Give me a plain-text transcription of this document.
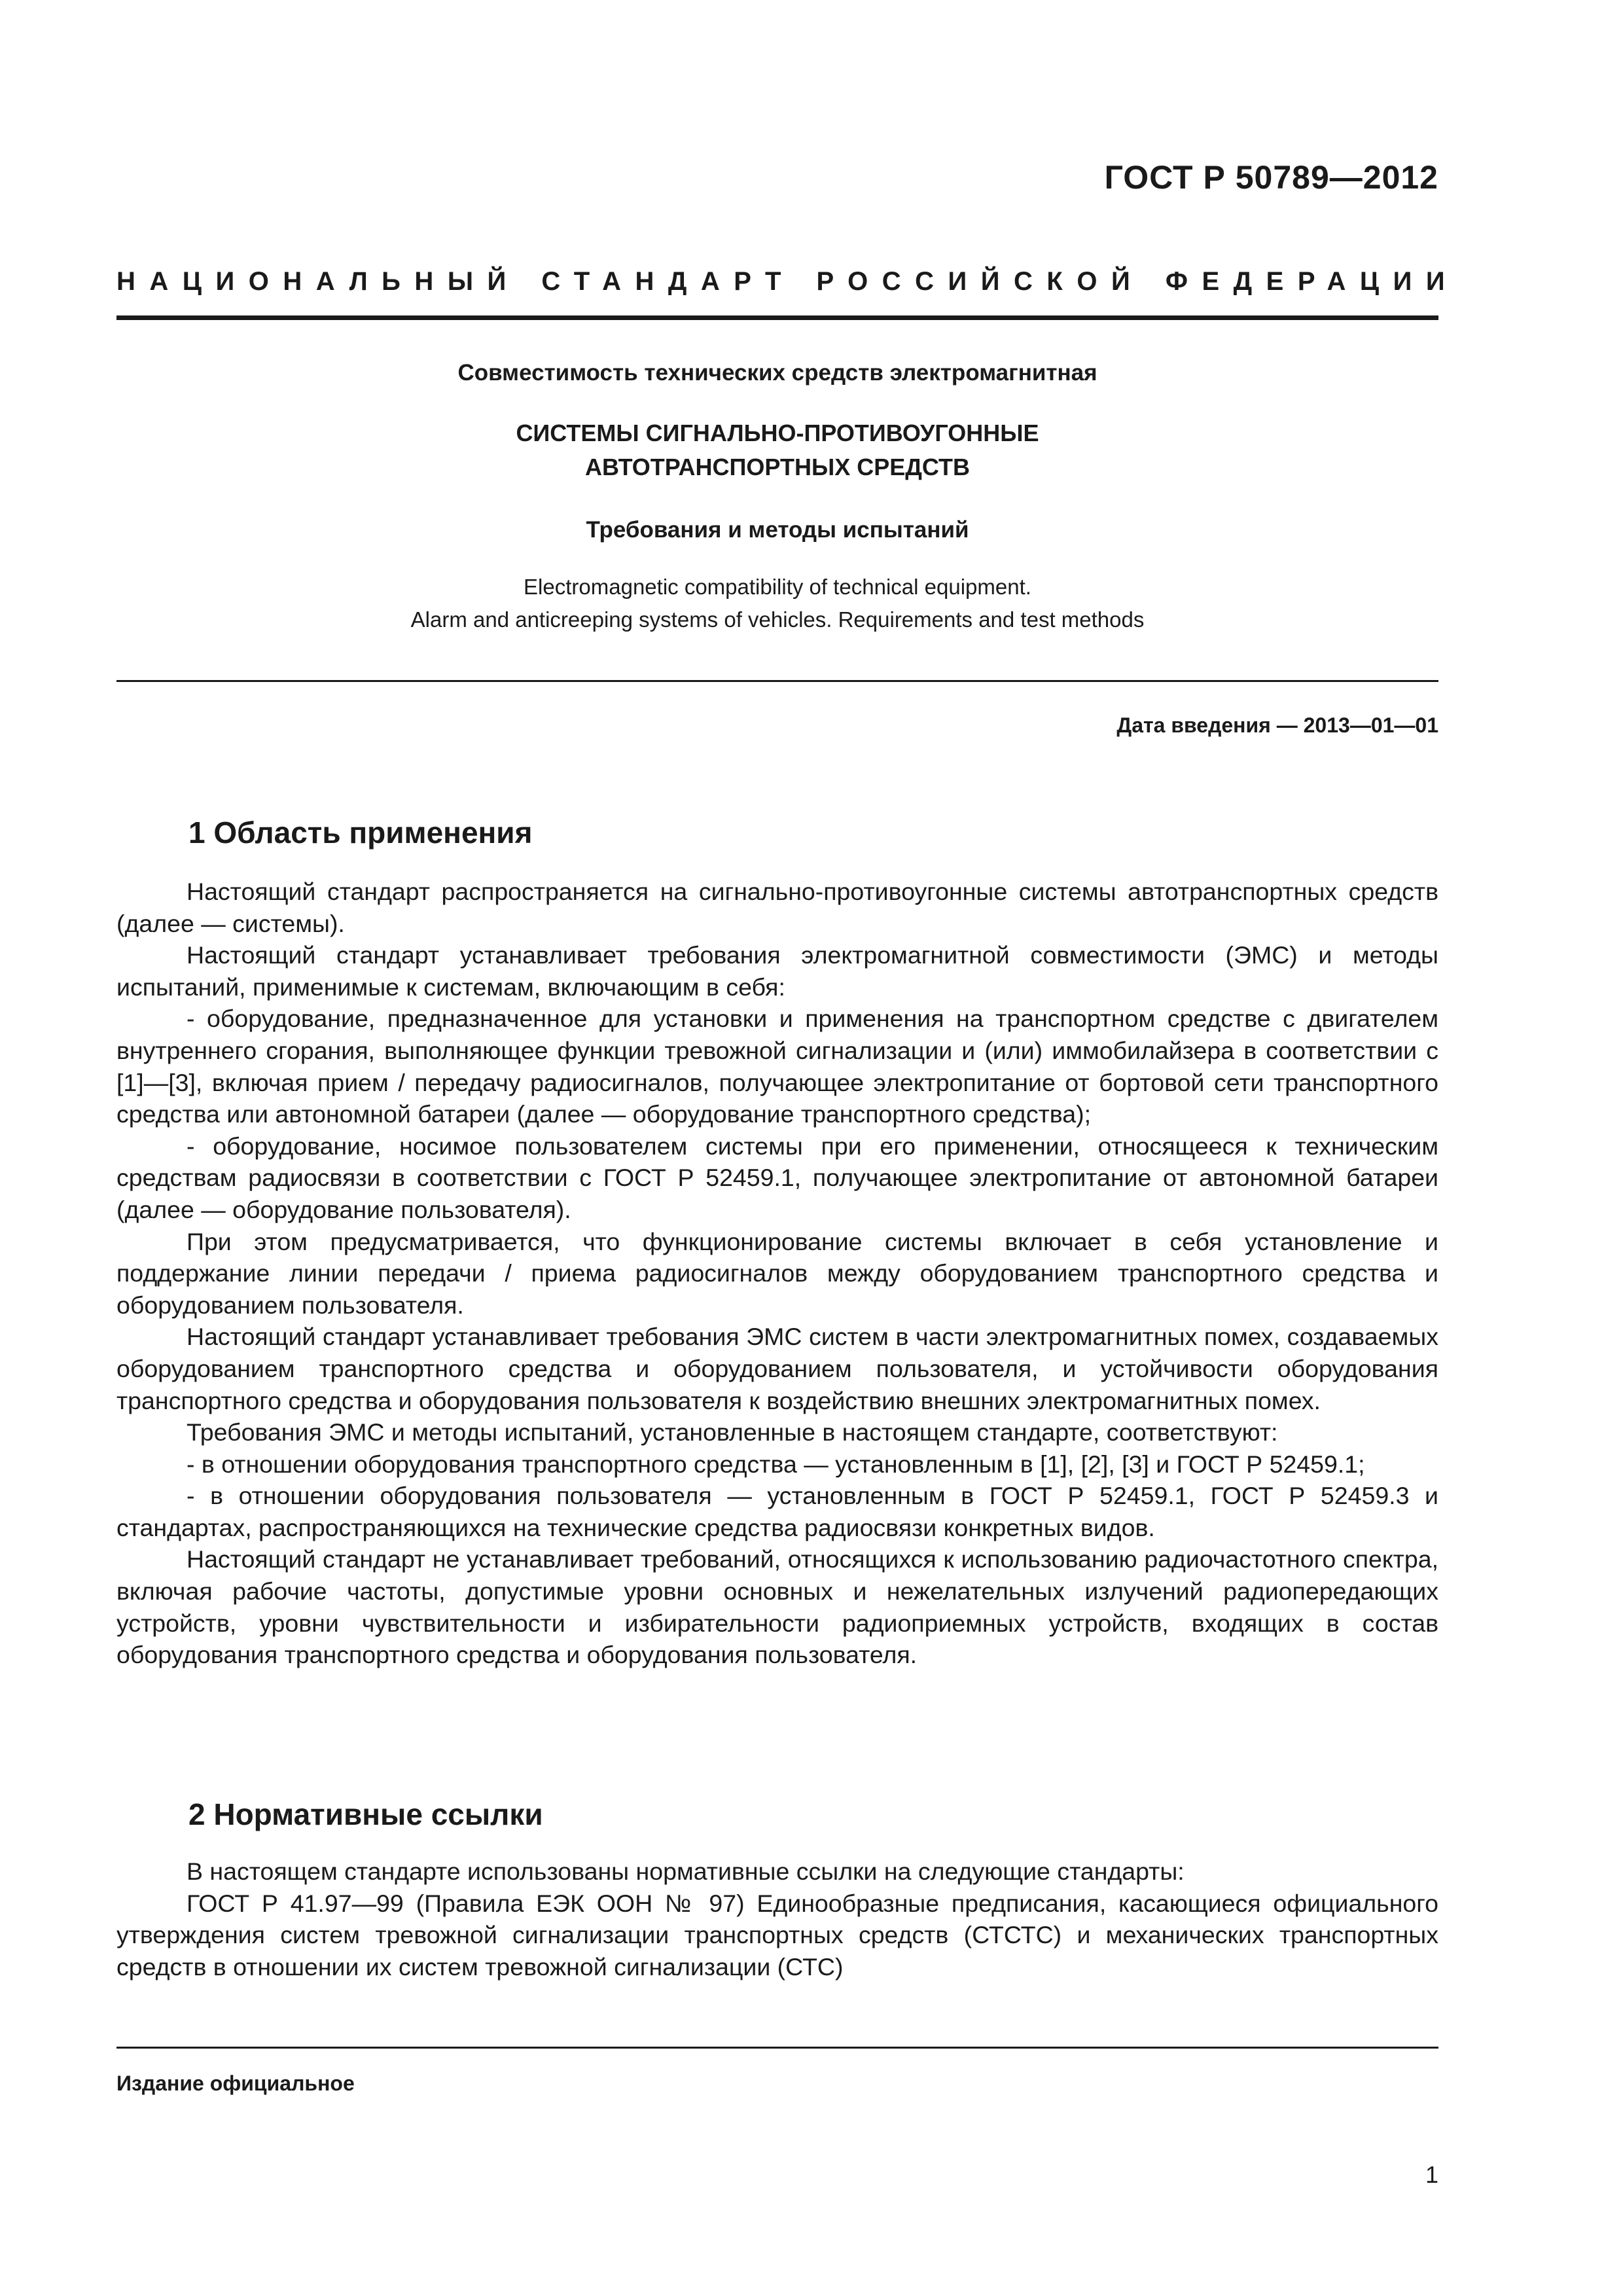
ГОСТ Р 50789—2012
НАЦИОНАЛЬНЫЙ СТАНДАРТ РОССИЙСКОЙ ФЕДЕРАЦИИ
Совместимость технических средств электромагнитная
СИСТЕМЫ СИГНАЛЬНО-ПРОТИВОУГОННЫЕ
АВТОТРАНСПОРТНЫХ СРЕДСТВ
Требования и методы испытаний
Electromagnetic compatibility of technical equipment.
Alarm and anticreeping systems of vehicles. Requirements and test methods
Дата введения — 2013—01—01
1 Область применения

Настоящий стандарт распространяется на сигнально-противоугонные системы автотранспортных средств (далее — системы).

Настоящий стандарт устанавливает требования электромагнитной совместимости (ЭМС) и методы испытаний, применимые к системам, включающим в себя:

- оборудование, предназначенное для установки и применения на транспортном средстве с двигателем внутреннего сгорания, выполняющее функции тревожной сигнализации и (или) иммобилайзера в соответствии с [1]—[3], включая прием / передачу радиосигналов, получающее электропитание от бортовой сети транспортного средства или автономной батареи (далее — оборудование транспортного средства);

- оборудование, носимое пользователем системы при его применении, относящееся к техническим средствам радиосвязи в соответствии с ГОСТ Р 52459.1, получающее электропитание от автономной батареи (далее — оборудование пользователя).

При этом предусматривается, что функционирование системы включает в себя установление и поддержание линии передачи / приема радиосигналов между оборудованием транспортного средства и оборудованием пользователя.

Настоящий стандарт устанавливает требования ЭМС систем в части электромагнитных помех, создаваемых оборудованием транспортного средства и оборудованием пользователя, и устойчивости оборудования транспортного средства и оборудования пользователя к воздействию внешних электромагнитных помех.

Требования ЭМС и методы испытаний, установленные в настоящем стандарте, соответствуют:

- в отношении оборудования транспортного средства — установленным в [1], [2], [3] и ГОСТ Р 52459.1;

- в отношении оборудования пользователя — установленным в ГОСТ Р 52459.1, ГОСТ Р 52459.3 и стандартах, распространяющихся на технические средства радиосвязи конкретных видов.

Настоящий стандарт не устанавливает требований, относящихся к использованию радиочастотного спектра, включая рабочие частоты, допустимые уровни основных и нежелательных излучений радиопередающих устройств, уровни чувствительности и избирательности радиоприемных устройств, входящих в состав оборудования транспортного средства и оборудования пользователя.

2 Нормативные ссылки

В настоящем стандарте использованы нормативные ссылки на следующие стандарты:

ГОСТ Р 41.97—99 (Правила ЕЭК ООН № 97) Единообразные предписания, касающиеся официального утверждения систем тревожной сигнализации транспортных средств (СТСТС) и механических транспортных средств в отношении их систем тревожной сигнализации (СТС)

Издание официальное
1
